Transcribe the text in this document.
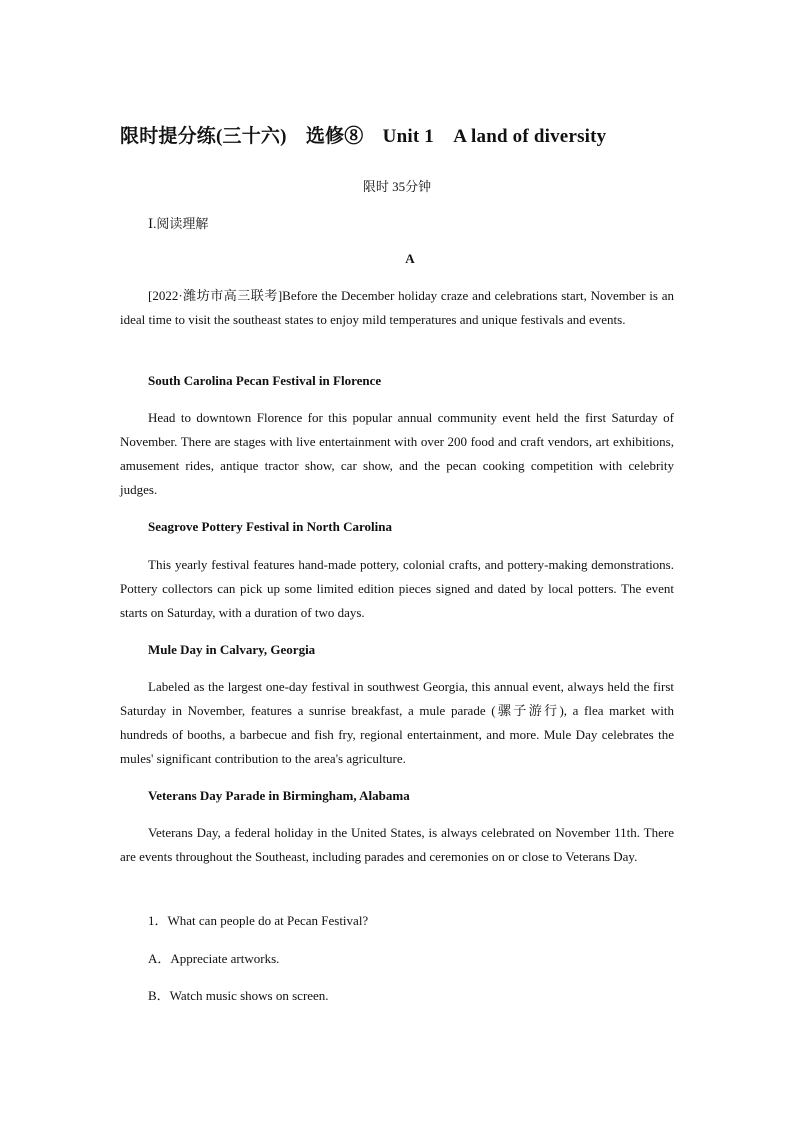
限时提分练(三十六)　选修⑧　Unit 1　A land of diversity
限时 35分钟
Ⅰ.阅读理解
A

[2022·潍坊市高三联考]Before the December holiday craze and celebrations start, November is an ideal time to visit the southeast states to enjoy mild temperatures and unique festivals and events.

South Carolina Pecan Festival in Florence

Head to downtown Florence for this popular annual community event held the first Saturday of November. There are stages with live entertainment with over 200 food and craft vendors, art exhibitions, amusement rides, antique tractor show, car show, and the pecan cooking competition with celebrity judges.

Seagrove Pottery Festival in North Carolina

This yearly festival features hand-made pottery, colonial crafts, and pottery-making demonstrations. Pottery collectors can pick up some limited edition pieces signed and dated by local potters. The event starts on Saturday, with a duration of two days.

Mule Day in Calvary, Georgia

Labeled as the largest one-day festival in southwest Georgia, this annual event, always held the first Saturday in November, features a sunrise breakfast, a mule parade (骡子游行), a flea market with hundreds of booths, a barbecue and fish fry, regional entertainment, and more. Mule Day celebrates the mules' significant contribution to the area's agriculture.

Veterans Day Parade in Birmingham, Alabama

Veterans Day, a federal holiday in the United States, is always celebrated on November 11th. There are events throughout the Southeast, including parades and ceremonies on or close to Veterans Day.

1．What can people do at Pecan Festival?
A．Appreciate artworks.
B．Watch music shows on screen.
